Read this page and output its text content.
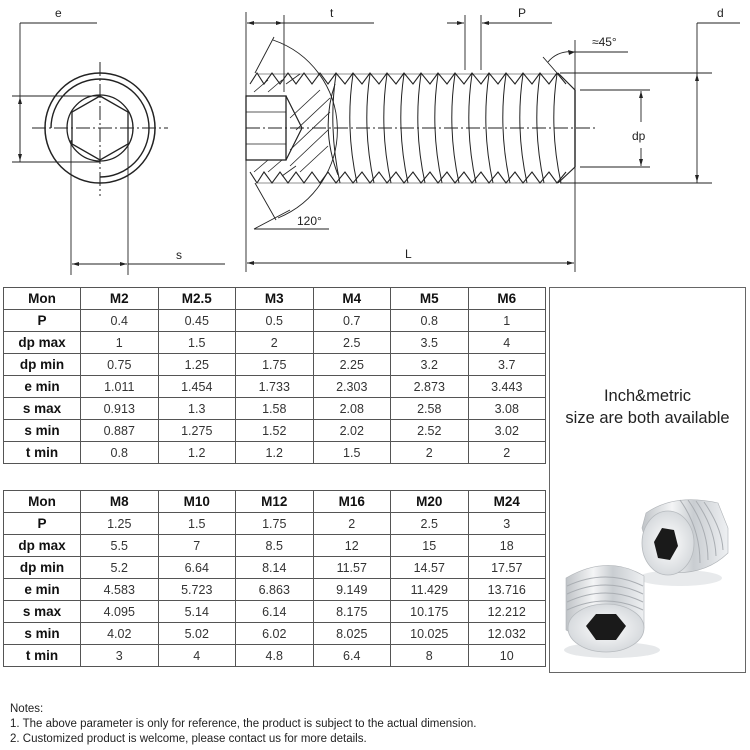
e
s
t	P	d
dp
L
≈45°
120°
Mon	M2	M2.5	M3	M4	M5	M6
P	0.4	0.45	0.5	0.7	0.8	1
dp max	1	1.5	2	2.5	3.5	4
dp min	0.75	1.25	1.75	2.25	3.2	3.7
e min	1.011	1.454	1.733	2.303	2.873	3.443
s max	0.913	1.3	1.58	2.08	2.58	3.08
s min	0.887	1.275	1.52	2.02	2.52	3.02
t min	0.8	1.2	1.2	1.5	2	2
Mon	M8	M10	M12	M16	M20	M24
P	1.25	1.5	1.75	2	2.5	3
dp max	5.5	7	8.5	12	15	18
dp min	5.2	6.64	8.14	11.57	14.57	17.57
e min	4.583	5.723	6.863	9.149	11.429	13.716
s max	4.095	5.14	6.14	8.175	10.175	12.212
s min	4.02	5.02	6.02	8.025	10.025	12.032
t min	3	4	4.8	6.4	8	10
Inch&metric
size are both available
Notes:
1. The above parameter is only for reference, the product is subject to the actual dimension.
2. Customized product is welcome, please contact us for more details.
